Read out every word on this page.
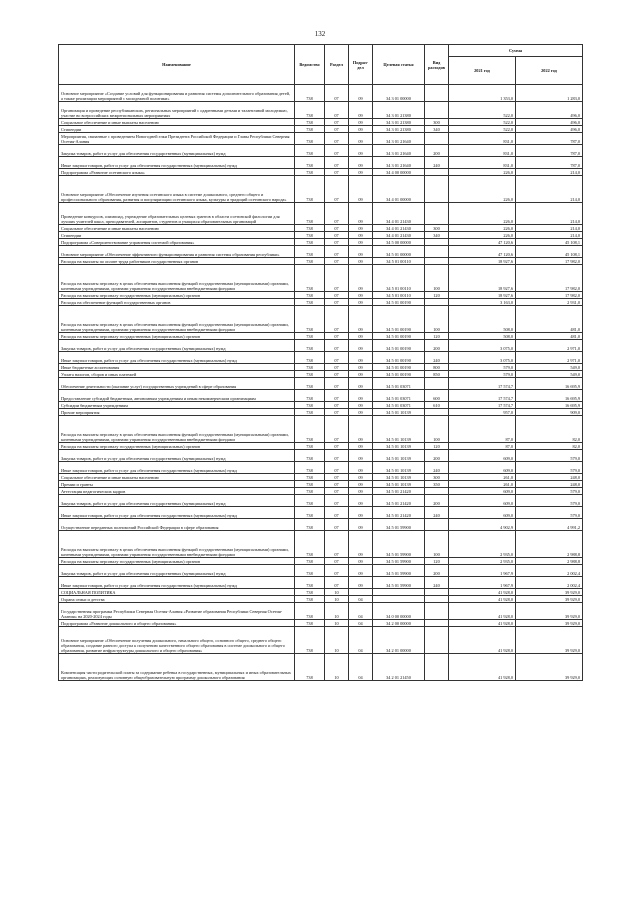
132
Наименование	Ведомство	Раздел	Подраз-дел	Целевая статья	Вид расходов	Сумма	
						2021 год	2022 год
Основное мероприятие «Создание условий для функционирования и развития системы дополнительного образования детей, а также реализации мероприятий с молодежной политики»	738	07	09	34 3 01 00000		1 353,0	1 283,0
Организация и проведение республиканских, региональных мероприятий с одаренными детьми и талантливой молодежью, участие во всероссийских межрегиональных мероприятиях	738	07	09	34 3 01 21380		522,0	496,0
Социальное обеспечение и иные выплаты населению	738	07	09	34 3 01 21380	300	522,0	496,0
Стипендии	738	07	09	34 3 01 21380	340	522,0	496,0
Мероприятия, связанные с проведением Новогодней елки Президента Российской Федерации и Главы Республики Северная Осетия-Алания	738	07	09	34 3 01 21640		831,0	787,0
Закупка товаров, работ и услуг для обеспечения государственных (муниципальных) нужд	738	07	09	34 3 01 21640	200	831,0	787,0
Иные закупки товаров, работ и услуг для обеспечения государственных (муниципальных) нужд	738	07	09	34 3 01 21640	240	831,0	787,0
Подпрограмма «Развитие осетинского языка»	738	07	09	34 4 00 00000		226,0	214,0
Основное мероприятие «Обеспечение изучения осетинского языка в системе дошкольного, среднего общего и профессионального образования, развития и популяризации осетинского языка, культуры и традиций осетинского народа»	738	07	09	34 4 01 00000		226,0	214,0
Проведение конкурсов, олимпиад, учреждение образовательных целевых грантов в области осетинской филологии для лучших учителей школ, преподавателей, аспирантов, студентов и учащихся образовательных организаций	738	07	09	34 4 01 21430		226,0	214,0
Социальное обеспечение и иные выплаты населению	738	07	09	34 4 01 21430	300	226,0	214,0
Стипендии	738	07	09	34 4 01 21430	340	226,0	214,0
Подпрограмма «Совершенствование управления системой образования»	738	07	09	34 5 00 00000		47 120,6	45 108,1
Основное мероприятие «Обеспечение эффективного функционирования и развития системы образования республики»	738	07	09	34 5 01 00000		47 120,6	45 108,1
Расходы на выплаты по оплате труда работников государственных органов	738	07	09	34 5 01 00110		18 927,6	17 982,0
Расходы на выплаты персоналу в целях обеспечения выполнения функций государственными (муниципальными) органами, казенными учреждениями, органами управления государственными внебюджетными фондами	738	07	09	34 5 01 00110	100	18 927,6	17 982,0
Расходы на выплаты персоналу государственных (муниципальных) органов	738	07	09	34 5 01 00110	120	18 927,6	17 982,0
Расходы на обеспечение функций государственных органов	738	07	09	34 5 01 00190		3 163,0	2 931,0
Расходы на выплаты персоналу в целях обеспечения выполнения функций государственными (муниципальными) органами, казенными учреждениями, органами управления государственными внебюджетными фондами	738	07	09	34 5 01 00190	100	508,0	481,0
Расходы на выплаты персоналу государственных (муниципальных) органов	738	07	09	34 5 01 00190	120	508,0	481,0
Закупка товаров, работ и услуг для обеспечения государственных (муниципальных) нужд	738	07	09	34 5 01 00190	200	3 075,0	2 971,0
Иные закупки товаров, работ и услуг для обеспечения государственных (муниципальных) нужд	738	07	09	34 5 01 00190	240	3 075,0	2 971,0
Иные бюджетные ассигнования	738	07	09	34 5 01 00190	800	579,0	549,0
Уплата налогов, сборов и иных платежей	738	07	09	34 5 01 00190	850	579,0	549,0
Обеспечение деятельности (оказание услуг) государственных учреждений в сфере образования	738	07	09	34 5 01 03071		17 574,7	16 695,9
Предоставление субсидий бюджетным, автономным учреждениям и иным некоммерческим организациям	738	07	09	34 5 01 03071	600	17 574,7	16 695,9
Субсидии бюджетным учреждениям	738	07	09	34 5 01 03071	610	17 574,7	16 695,9
Прочие мероприятия	738	07	09	34 5 01 10139		957,0	909,0
Расходы на выплаты персоналу в целях обеспечения выполнения функций государственными (муниципальными) органами, казенными учреждениями, органами управления государственными внебюджетными фондами	738	07	09	34 5 01 10139	100	87,0	82,0
Расходы на выплаты персоналу государственных (муниципальных) органов	738	07	09	34 5 01 10139	120	87,0	82,0
Закупка товаров, работ и услуг для обеспечения государственных (муниципальных) нужд	738	07	09	34 5 01 10139	200	609,0	579,0
Иные закупки товаров, работ и услуг для обеспечения государственных (муниципальных) нужд	738	07	09	34 5 01 10139	240	609,0	579,0
Социальное обеспечение и иные выплаты населению	738	07	09	34 5 01 10139	300	261,0	248,0
Премии и гранты	738	07	09	34 5 01 10139	350	261,0	248,0
Аттестация педагогических кадров	738	07	09	34 5 01 21420		609,0	579,0
Закупка товаров, работ и услуг для обеспечения государственных (муниципальных) нужд	738	07	09	34 5 01 21420	200	609,0	579,0
Иные закупки товаров, работ и услуг для обеспечения государственных (муниципальных) нужд	738	07	09	34 5 01 21420	240	609,0	579,0
Осуществление переданных полномочий Российской Федерации в сфере образования	738	07	09	34 5 01 59900		4 902,9	4 991,2
Расходы на выплаты персоналу в целях обеспечения выполнения функций государственными (муниципальными) органами, казенными учреждениями, органами управления государственными внебюджетными фондами	738	07	09	34 5 01 59900	100	2 935,0	2 988,8
Расходы на выплаты персоналу государственных (муниципальных) органов	738	07	09	34 5 01 59900	120	2 935,0	2 988,8
Закупка товаров, работ и услуг для обеспечения государственных (муниципальных) нужд	738	07	09	34 5 01 59900	200	1 967,9	2 002,4
Иные закупки товаров, работ и услуг для обеспечения государственных (муниципальных) нужд	738	07	09	34 5 01 59900	240	1 967,9	2 002,4
СОЦИАЛЬНАЯ ПОЛИТИКА	738	10				41 928,0	39 929,0
Охрана семьи и детства	738	10	04			41 928,0	39 929,0
Государственная программа Республики Северная Осетия-Алания «Развитие образования Республики Северная Осетия-Алания» на 2020-2024 годы	738	10	04	34 0 00 00000		41 928,0	39 929,0
Подпрограмма «Развитие дошкольного и общего образования»	738	10	04	34 2 00 00000		41 928,0	39 929,0
Основное мероприятие «Обеспечение получения дошкольного, начального общего, основного общего, среднего общего образования, создание равного доступа к получению качественного общего образования в системе дошкольного и общего образования, развитие инфраструктуры дошкольного и общего образования»	738	10	04	34 2 01 00000		41 928,0	39 929,0
Компенсация части родительской платы за содержание ребенка в государственных, муниципальных и иных образовательных организациях, реализующих основную общеобразовательную программу дошкольного образования	738	10	04	34 2 01 21450		41 928,0	39 929,0
